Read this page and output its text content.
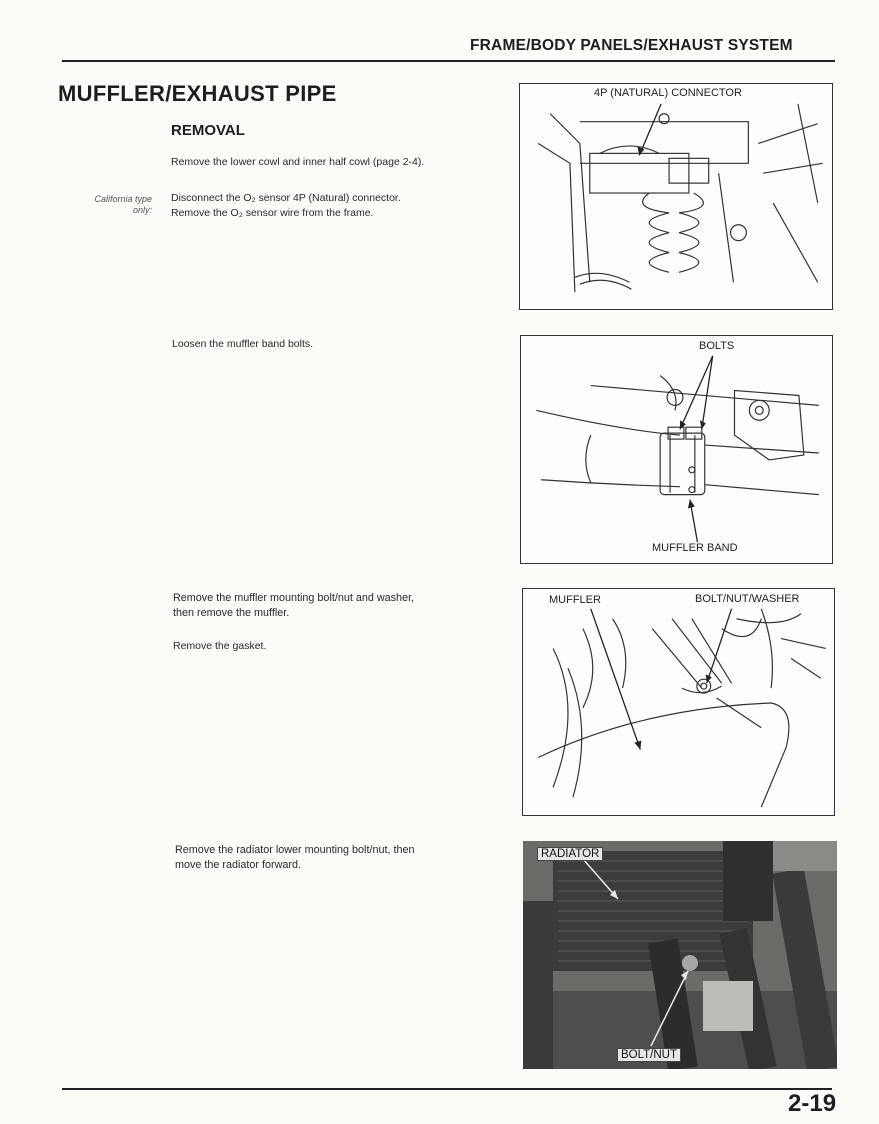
FRAME/BODY PANELS/EXHAUST SYSTEM
MUFFLER/EXHAUST PIPE
REMOVAL
Remove the lower cowl and inner half cowl (page 2-4).
California type
only:
Disconnect the O₂ sensor 4P (Natural) connector.
Remove the O₂ sensor wire from the frame.
Loosen the muffler band bolts.
Remove the muffler mounting bolt/nut and washer,
then remove the muffler.
Remove the gasket.
Remove the radiator lower mounting bolt/nut, then
move the radiator forward.
4P (NATURAL) CONNECTOR
BOLTS
MUFFLER BAND
MUFFLER	BOLT/NUT/WASHER
RADIATOR
BOLT/NUT
2-19
